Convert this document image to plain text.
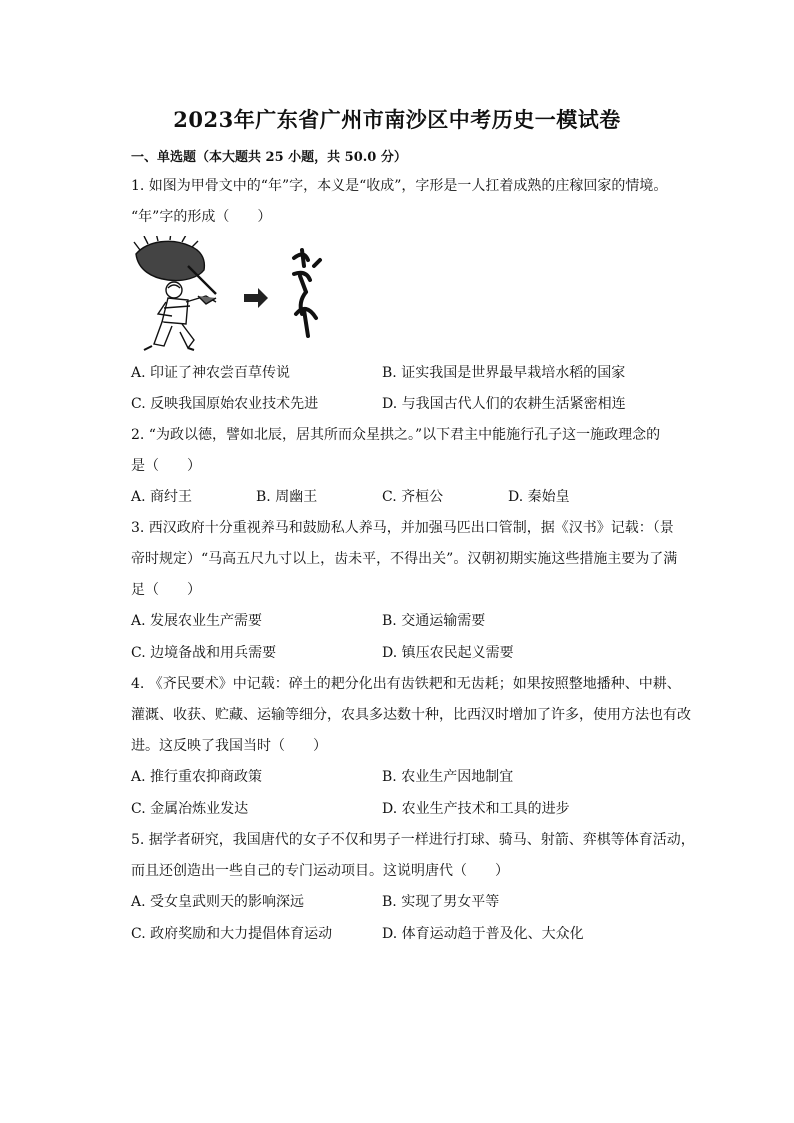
2023年广东省广州市南沙区中考历史一模试卷
一、单选题（本大题共 25 小题，共 50.0 分）
1. 如图为甲骨文中的“年”字，本义是“收成”，字形是一人扛着成熟的庄稼回家的情境。
“年”字的形成（　　）
A. 印证了神农尝百草传说	B. 证实我国是世界最早栽培水稻的国家
C. 反映我国原始农业技术先进	D. 与我国古代人们的农耕生活紧密相连
2. “为政以德，譬如北辰，居其所而众星拱之。”以下君主中能施行孔子这一施政理念的
是（　　）
A. 商纣王	B. 周幽王	C. 齐桓公	D. 秦始皇
3. 西汉政府十分重视养马和鼓励私人养马，并加强马匹出口管制，据《汉书》记载：（景
帝时规定）“马高五尺九寸以上，齿未平，不得出关”。汉朝初期实施这些措施主要为了满
足（　　）
A. 发展农业生产需要	B. 交通运输需要
C. 边境备战和用兵需要	D. 镇压农民起义需要
4. 《齐民要术》中记载：碎土的耙分化出有齿铁耙和无齿耗；如果按照整地播种、中耕、
灌溉、收获、贮藏、运输等细分，农具多达数十种，比西汉时增加了许多，使用方法也有改
进。这反映了我国当时（　　）
A. 推行重农抑商政策	B. 农业生产因地制宜
C. 金属冶炼业发达	D. 农业生产技术和工具的进步
5. 据学者研究，我国唐代的女子不仅和男子一样进行打球、骑马、射箭、弈棋等体育活动，
而且还创造出一些自己的专门运动项目。这说明唐代（　　）
A. 受女皇武则天的影响深远	B. 实现了男女平等
C. 政府奖励和大力提倡体育运动	D. 体育运动趋于普及化、大众化
